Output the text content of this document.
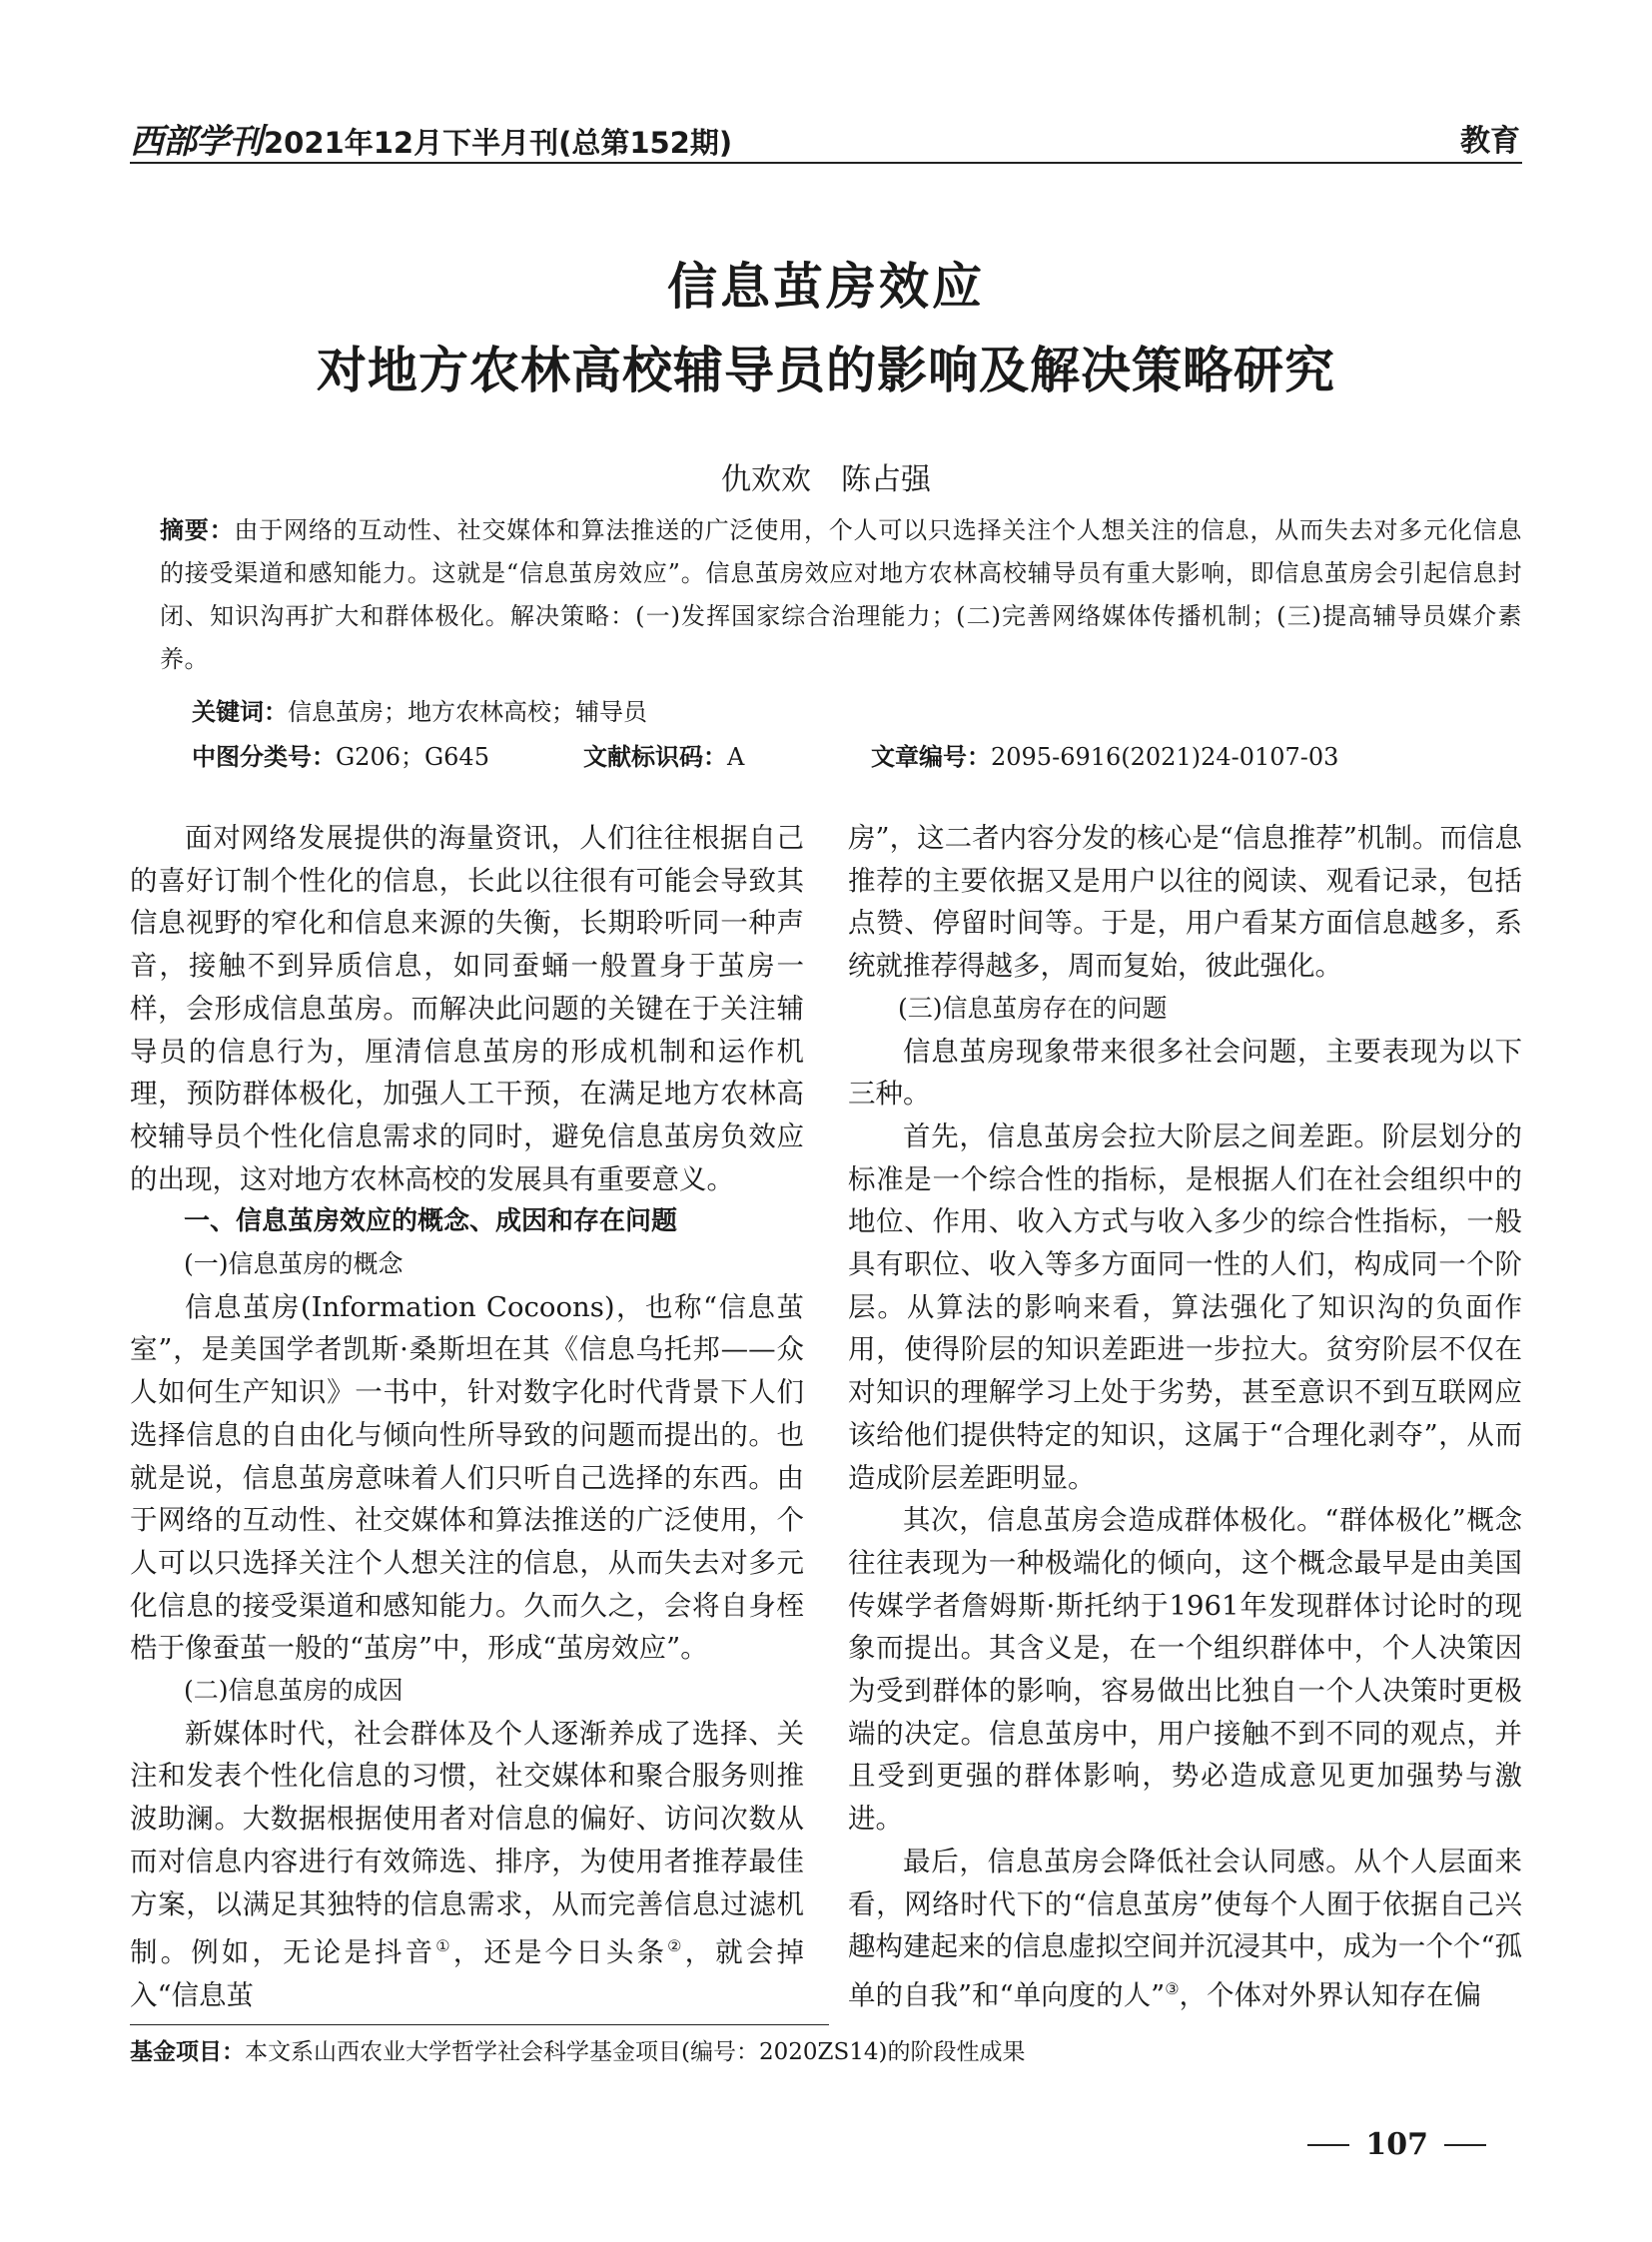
西部学刊 2021年12月下半月刊(总第152期)	教育
信息茧房效应
对地方农林高校辅导员的影响及解决策略研究
仇欢欢　陈占强
摘要：由于网络的互动性、社交媒体和算法推送的广泛使用，个人可以只选择关注个人想关注的信息，从而失去对多元化信息的接受渠道和感知能力。这就是“信息茧房效应”。信息茧房效应对地方农林高校辅导员有重大影响，即信息茧房会引起信息封闭、知识沟再扩大和群体极化。解决策略：(一)发挥国家综合治理能力；(二)完善网络媒体传播机制；(三)提高辅导员媒介素养。
关键词：信息茧房；地方农林高校；辅导员
中图分类号：G206；G645	文献标识码：A	文章编号：2095-6916(2021)24-0107-03

面对网络发展提供的海量资讯，人们往往根据自己的喜好订制个性化的信息，长此以往很有可能会导致其信息视野的窄化和信息来源的失衡，长期聆听同一种声音，接触不到异质信息，如同蚕蛹一般置身于茧房一样，会形成信息茧房。而解决此问题的关键在于关注辅导员的信息行为，厘清信息茧房的形成机制和运作机理，预防群体极化，加强人工干预，在满足地方农林高校辅导员个性化信息需求的同时，避免信息茧房负效应的出现，这对地方农林高校的发展具有重要意义。

一、信息茧房效应的概念、成因和存在问题

(一)信息茧房的概念

信息茧房(Information Cocoons)，也称“信息茧室”，是美国学者凯斯·桑斯坦在其《信息乌托邦——众人如何生产知识》一书中，针对数字化时代背景下人们选择信息的自由化与倾向性所导致的问题而提出的。也就是说，信息茧房意味着人们只听自己选择的东西。由于网络的互动性、社交媒体和算法推送的广泛使用，个人可以只选择关注个人想关注的信息，从而失去对多元化信息的接受渠道和感知能力。久而久之，会将自身桎梏于像蚕茧一般的“茧房”中，形成“茧房效应”。

(二)信息茧房的成因

新媒体时代，社会群体及个人逐渐养成了选择、关注和发表个性化信息的习惯，社交媒体和聚合服务则推波助澜。大数据根据使用者对信息的偏好、访问次数从而对信息内容进行有效筛选、排序，为使用者推荐最佳方案，以满足其独特的信息需求，从而完善信息过滤机制。例如，无论是抖音①，还是今日头条②，就会掉入“信息茧

房”，这二者内容分发的核心是“信息推荐”机制。而信息推荐的主要依据又是用户以往的阅读、观看记录，包括点赞、停留时间等。于是，用户看某方面信息越多，系统就推荐得越多，周而复始，彼此强化。

(三)信息茧房存在的问题

信息茧房现象带来很多社会问题，主要表现为以下三种。

首先，信息茧房会拉大阶层之间差距。阶层划分的标准是一个综合性的指标，是根据人们在社会组织中的地位、作用、收入方式与收入多少的综合性指标，一般具有职位、收入等多方面同一性的人们，构成同一个阶层。从算法的影响来看，算法强化了知识沟的负面作用，使得阶层的知识差距进一步拉大。贫穷阶层不仅在对知识的理解学习上处于劣势，甚至意识不到互联网应该给他们提供特定的知识，这属于“合理化剥夺”，从而造成阶层差距明显。

其次，信息茧房会造成群体极化。“群体极化”概念往往表现为一种极端化的倾向，这个概念最早是由美国传媒学者詹姆斯·斯托纳于1961年发现群体讨论时的现象而提出。其含义是，在一个组织群体中，个人决策因为受到群体的影响，容易做出比独自一个人决策时更极端的决定。信息茧房中，用户接触不到不同的观点，并且受到更强的群体影响，势必造成意见更加强势与激进。

最后，信息茧房会降低社会认同感。从个人层面来看，网络时代下的“信息茧房”使每个人囿于依据自己兴趣构建起来的信息虚拟空间并沉浸其中，成为一个个“孤单的自我”和“单向度的人”③，个体对外界认知存在偏

基金项目：本文系山西农业大学哲学社会科学基金项目(编号：2020ZS14)的阶段性成果
107
